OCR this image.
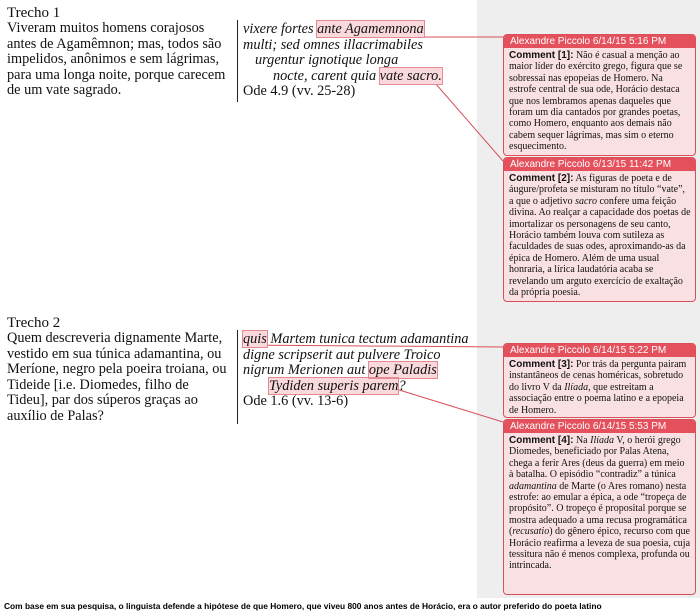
Trecho 1
Viveram muitos homens corajosos antes de Agamêmnon; mas, todos são impelidos, anônimos e sem lágrimas, para uma longa noite, porque carecem de um vate sagrado.
vixere fortes ante Agamemnona
multi; sed omnes illacrimabiles
urgentur ignotique longa
nocte, carent quia vate sacro.
Ode 4.9 (vv. 25-28)
Trecho 2
Quem descreveria dignamente Marte, vestido em sua túnica adamantina, ou Meríone, negro pela poeira troiana, ou Tideide [i.e. Diomedes, filho de Tideu], par dos súperos graças ao auxílio de Palas?
quis Martem tunica tectum adamantina
digne scripserit aut pulvere Troico
nigrum Merionen aut ope Paladis
Tydiden superis parem?
Ode 1.6 (vv. 13-6)
Alexandre Piccolo 6/14/15 5:16 PM
Comment [1]: Não é casual a menção ao maior líder do exército grego, figura que se sobressai nas epopeias de Homero. Na estrofe central de sua ode, Horácio destaca que nos lembramos apenas daqueles que foram um dia cantados por grandes poetas, como Homero, enquanto aos demais não cabem sequer lágrimas, mas sim o eterno esquecimento.
Alexandre Piccolo 6/13/15 11:42 PM
Comment [2]: As figuras de poeta e de áugure/profeta se misturam no título “vate”, a que o adjetivo sacro confere uma feição divina. Ao realçar a capacidade dos poetas de imortalizar os personagens de seu canto, Horácio também louva com sutileza as faculdades de suas odes, aproximando-as da épica de Homero. Além de uma usual honraria, a lírica laudatória acaba se revelando um arguto exercício de exaltação da própria poesia.
Alexandre Piccolo 6/14/15 5:22 PM
Comment [3]: Por trás da pergunta pairam instantâneos de cenas homéricas, sobretudo do livro V da Ilíada, que estreitam a associação entre o poema latino e a epopeia de Homero.
Alexandre Piccolo 6/14/15 5:53 PM
Comment [4]: Na Ilíada V, o herói grego Diomedes, beneficiado por Palas Atena, chega a ferir Ares (deus da guerra) em meio à batalha. O episódio “contradiz” a túnica adamantina de Marte (o Ares romano) nesta estrofe: ao emular a épica, a ode “tropeça de propósito”. O tropeço é proposital porque se mostra adequado a uma recusa programática (recusatio) do gênero épico, recurso com que Horácio reafirma a leveza de sua poesia, cuja tessitura não é menos complexa, profunda ou intrincada.
Com base em sua pesquisa, o linguista defende a hipótese de que Homero, que viveu 800 anos antes de Horácio, era o autor preferido do poeta latino
